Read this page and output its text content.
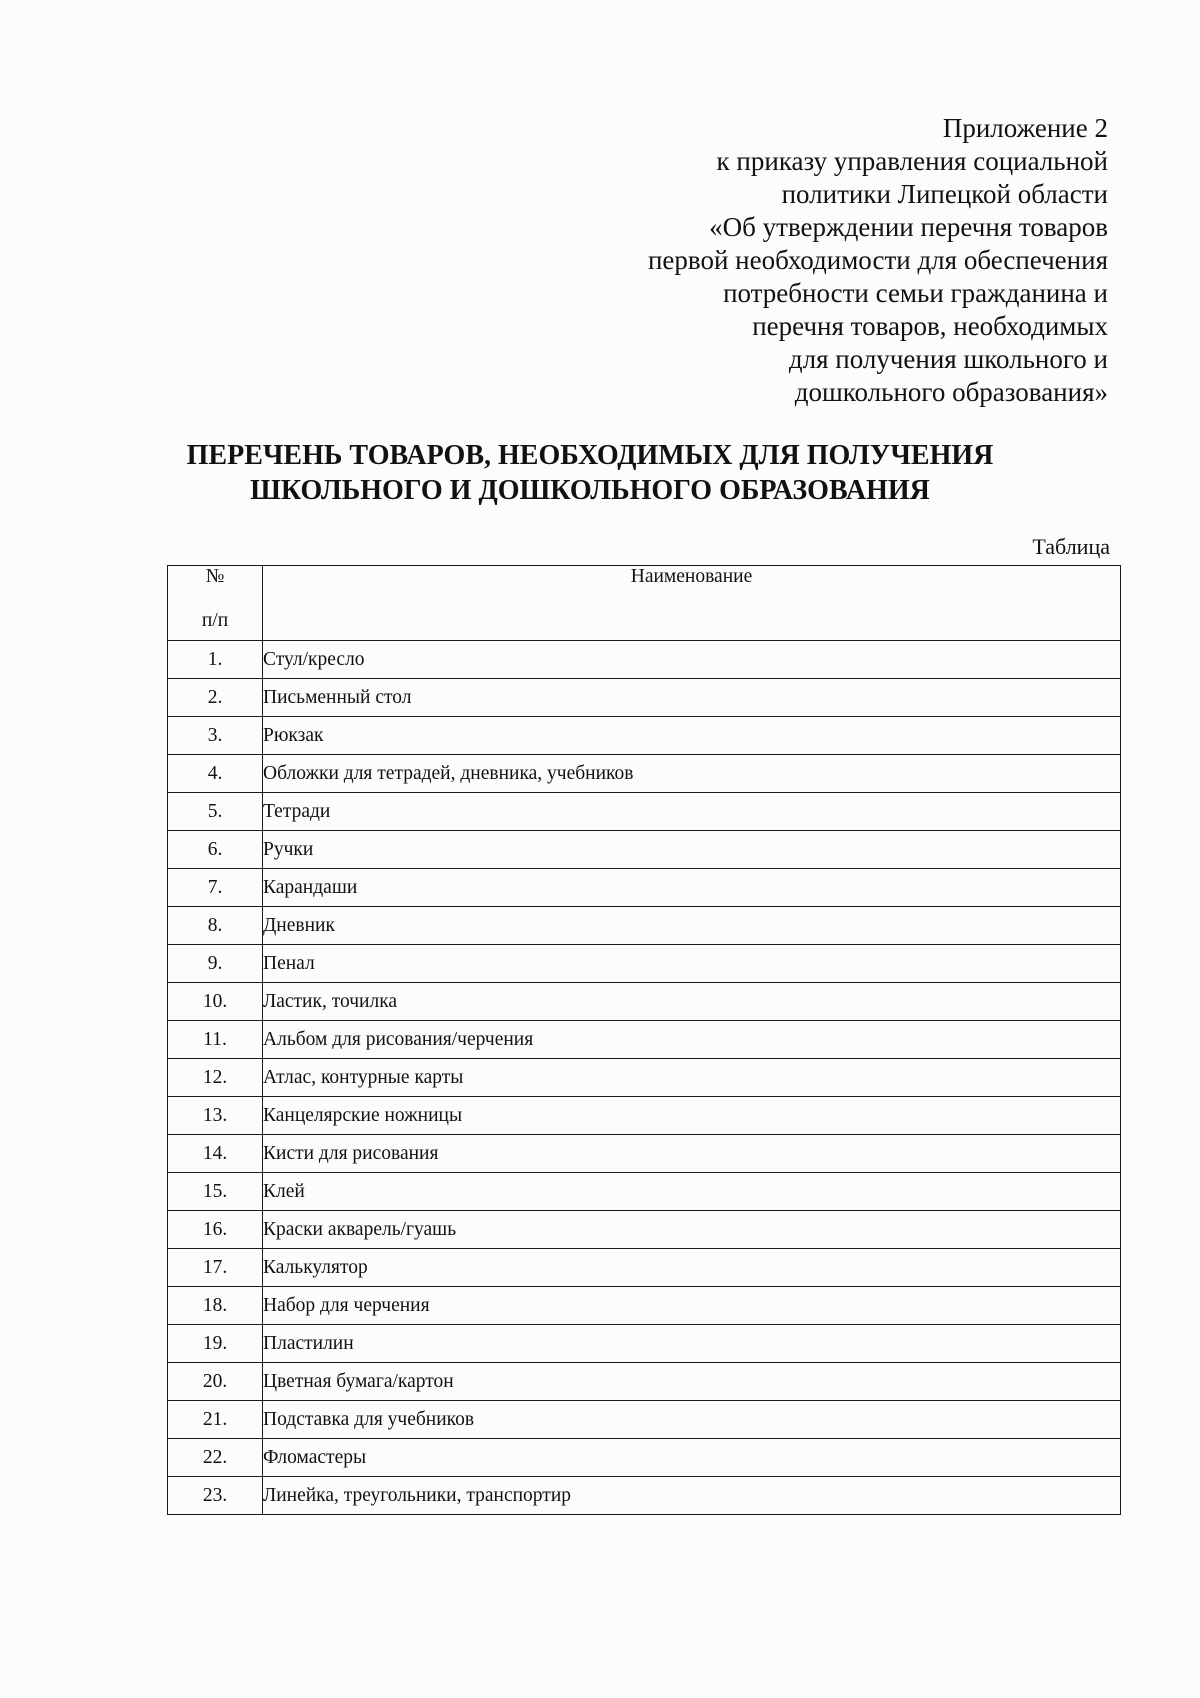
Приложение 2
к приказу управления социальной
политики Липецкой области
«Об утверждении перечня товаров
первой необходимости для обеспечения
потребности семьи гражданина и
перечня товаров, необходимых
для получения школьного и
дошкольного образования»
ПЕРЕЧЕНЬ ТОВАРОВ, НЕОБХОДИМЫХ ДЛЯ ПОЛУЧЕНИЯ
ШКОЛЬНОГО И ДОШКОЛЬНОГО ОБРАЗОВАНИЯ
Таблица
№
п/п	Наименование
1.	Стул/кресло
2.	Письменный стол
3.	Рюкзак
4.	Обложки для тетрадей, дневника, учебников
5.	Тетради
6.	Ручки
7.	Карандаши
8.	Дневник
9.	Пенал
10.	Ластик, точилка
11.	Альбом для рисования/черчения
12.	Атлас, контурные карты
13.	Канцелярские ножницы
14.	Кисти для рисования
15.	Клей
16.	Краски акварель/гуашь
17.	Калькулятор
18.	Набор для черчения
19.	Пластилин
20.	Цветная бумага/картон
21.	Подставка для учебников
22.	Фломастеры
23.	Линейка, треугольники, транспортир
